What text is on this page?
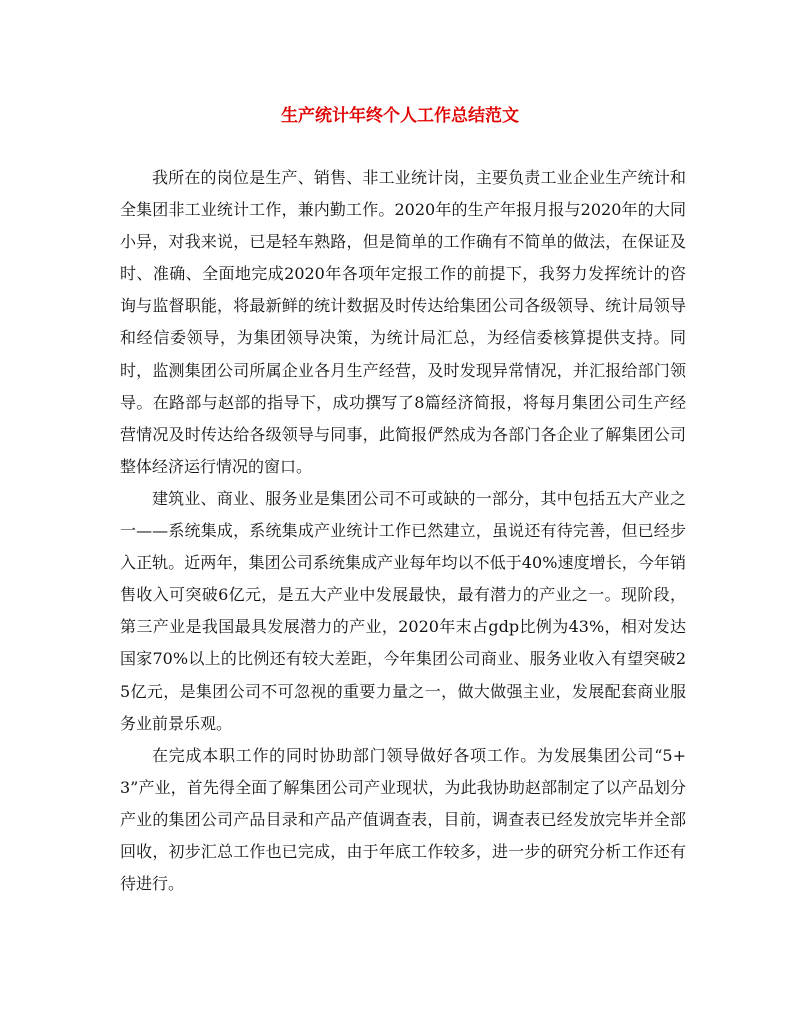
生产统计年终个人工作总结范文

我所在的岗位是生产、销售、非工业统计岗，主要负责工业企业生产统计和全集团非工业统计工作，兼内勤工作。2020年的生产年报月报与2020年的大同小异，对我来说，已是轻车熟路，但是简单的工作确有不简单的做法，在保证及时、准确、全面地完成2020年各项年定报工作的前提下，我努力发挥统计的咨询与监督职能，将最新鲜的统计数据及时传达给集团公司各级领导、统计局领导和经信委领导，为集团领导决策，为统计局汇总，为经信委核算提供支持。同时，监测集团公司所属企业各月生产经营，及时发现异常情况，并汇报给部门领导。在路部与赵部的指导下，成功撰写了8篇经济简报，将每月集团公司生产经营情况及时传达给各级领导与同事，此简报俨然成为各部门各企业了解集团公司整体经济运行情况的窗口。

建筑业、商业、服务业是集团公司不可或缺的一部分，其中包括五大产业之一——系统集成，系统集成产业统计工作已然建立，虽说还有待完善，但已经步入正轨。近两年，集团公司系统集成产业每年均以不低于40%速度增长，今年销售收入可突破6亿元，是五大产业中发展最快，最有潜力的产业之一。现阶段，第三产业是我国最具发展潜力的产业，2020年末占gdp比例为43%，相对发达国家70%以上的比例还有较大差距，今年集团公司商业、服务业收入有望突破25亿元，是集团公司不可忽视的重要力量之一，做大做强主业，发展配套商业服务业前景乐观。

在完成本职工作的同时协助部门领导做好各项工作。为发展集团公司“5+3”产业，首先得全面了解集团公司产业现状，为此我协助赵部制定了以产品划分产业的集团公司产品目录和产品产值调查表，目前，调查表已经发放完毕并全部回收，初步汇总工作也已完成，由于年底工作较多，进一步的研究分析工作还有待进行。
